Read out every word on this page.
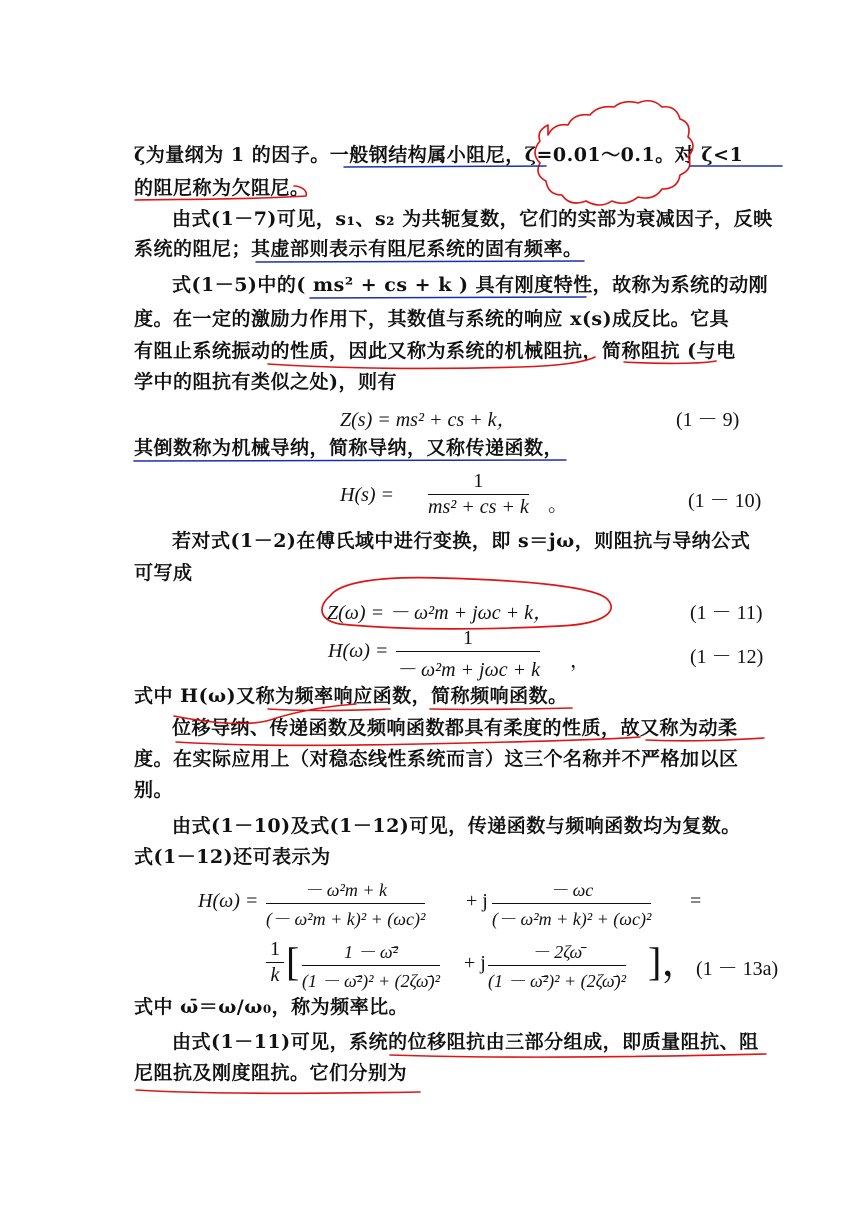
ζ为量纲为 1 的因子。一般钢结构属小阻尼，ζ=0.01～0.1。对 ζ<1
的阻尼称为欠阻尼。
由式(1－7)可见，s₁、s₂ 为共轭复数，它们的实部为衰减因子，反映
系统的阻尼；其虚部则表示有阻尼系统的固有频率。
式(1－5)中的( ms² + cs + k ) 具有刚度特性，故称为系统的动刚
度。在一定的激励力作用下，其数值与系统的响应 x(s)成反比。它具
有阻止系统振动的性质，因此又称为系统的机械阻抗，简称阻抗 (与电
学中的阻抗有类似之处)，则有
Z(s) = ms² + cs + k，	(1 － 9)
其倒数称为机械导纳，简称导纳，又称传递函数，
$H(s) = \frac{1}{\text{ms² + cs + k}}$ 。	(1 － 10)
若对式(1－2)在傅氏域中进行变换，即 s＝jω，则阻抗与导纳公式
可写成
Z(ω) = － ω²m + jωc + k，	(1 － 11)
H(ω) =
1
－ ω²m + jωc + k ，	(1 － 12)
式中 H(ω)又称为频率响应函数，简称频响函数。
位移导纳、传递函数及频响函数都具有柔度的性质，故又称为动柔
度。在实际应用上（对稳态线性系统而言）这三个名称并不严格加以区
别。
由式(1－10)及式(1－12)可见，传递函数与频响函数均为复数。
式(1－12)还可表示为
$H(\omega) = \frac{\text{－ ω²m + k}}{\text{(－ ω²m + k)² + (ωc)²}} + j \frac{- \omega c}{\text{(－ ω²m + k)² + (ωc)²}}$ =
$\frac{1}{k}$ [ $\frac{\text{1 － ω̄²}}{\text{(1 － ω̄²)² + (2ζω̄)²}} + j \frac{- 2\zeta\omegā}{\text{(1 － ω̄²)² + (2ζω̄)²}}$ ]，
(1 － 13a)
式中 ω̄＝ω/ω₀，称为频率比。
由式(1－11)可见，系统的位移阻抗由三部分组成，即质量阻抗、阻
尼阻抗及刚度阻抗。它们分别为
